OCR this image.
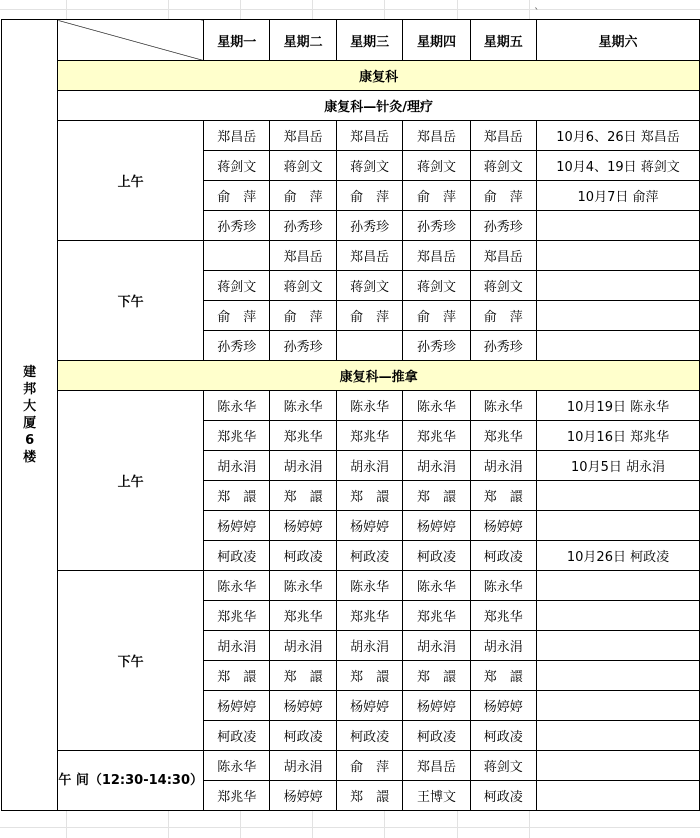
`
建邦大厦6楼		星期一	星期二	星期三	星期四	星期五	星期六
	康复科						
	康复科—针灸/理疗						
	上午	郑昌岳	郑昌岳	郑昌岳	郑昌岳	郑昌岳	10月6、26日 郑昌岳
		蒋剑文	蒋剑文	蒋剑文	蒋剑文	蒋剑文	10月4、19日 蒋剑文
		俞　萍	俞　萍	俞　萍	俞　萍	俞　萍	10月7日 俞萍
		孙秀珍	孙秀珍	孙秀珍	孙秀珍	孙秀珍	
	下午		郑昌岳	郑昌岳	郑昌岳	郑昌岳	
		蒋剑文	蒋剑文	蒋剑文	蒋剑文	蒋剑文	
		俞　萍	俞　萍	俞　萍	俞　萍	俞　萍	
		孙秀珍	孙秀珍		孙秀珍	孙秀珍	
	康复科—推拿						
	上午	陈永华	陈永华	陈永华	陈永华	陈永华	10月19日 陈永华
		郑兆华	郑兆华	郑兆华	郑兆华	郑兆华	10月16日 郑兆华
		胡永涓	胡永涓	胡永涓	胡永涓	胡永涓	10月5日 胡永涓
		郑　譞	郑　譞	郑　譞	郑　譞	郑　譞	
		杨婷婷	杨婷婷	杨婷婷	杨婷婷	杨婷婷	
		柯政凌	柯政凌	柯政凌	柯政凌	柯政凌	10月26日 柯政凌
	下午	陈永华	陈永华	陈永华	陈永华	陈永华	
		郑兆华	郑兆华	郑兆华	郑兆华	郑兆华	
		胡永涓	胡永涓	胡永涓	胡永涓	胡永涓	
		郑　譞	郑　譞	郑　譞	郑　譞	郑　譞	
		杨婷婷	杨婷婷	杨婷婷	杨婷婷	杨婷婷	
		柯政凌	柯政凌	柯政凌	柯政凌	柯政凌	
	午 间（12:30-14:30）	陈永华	胡永涓	俞　萍	郑昌岳	蒋剑文	
		郑兆华	杨婷婷	郑　譞	王博文	柯政凌	
